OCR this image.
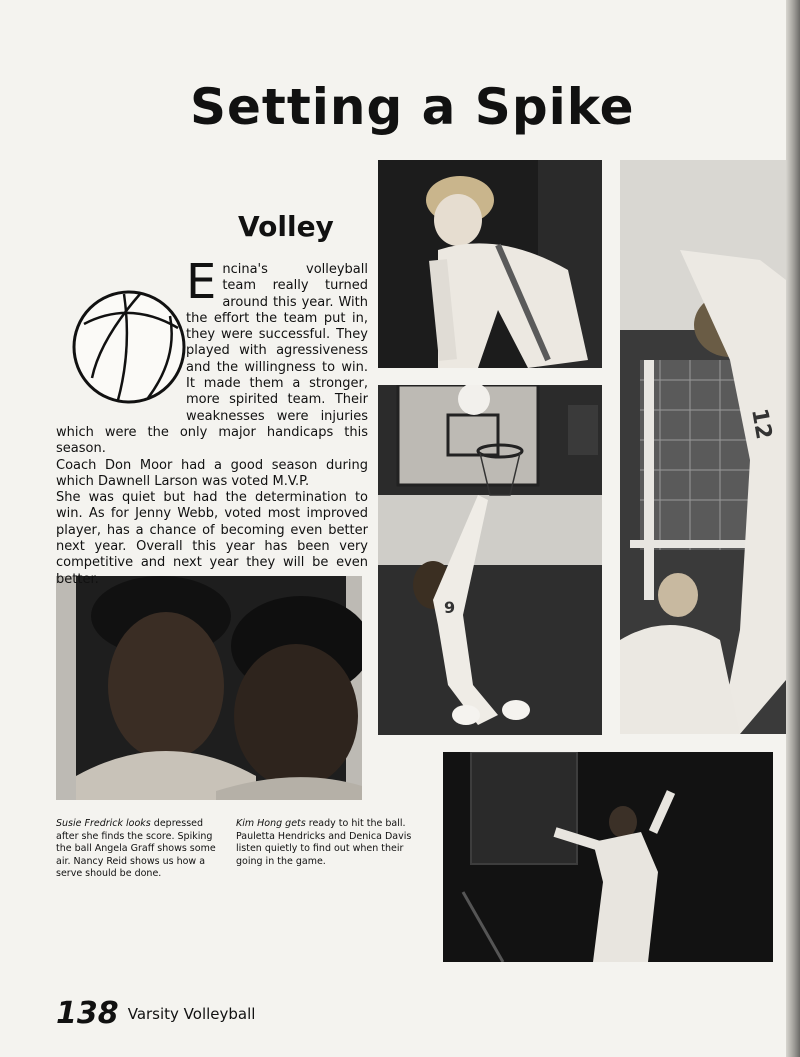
Setting a Spike
12
9
Volley
E ncina's volleyball team really turned around this year. With the effort the team put in, they were successful. They played with agressiveness and the willingness to win. It made them a stronger, more spirited team. Their weaknesses were injuries which were the only major handicaps this season.

Coach Don Moor had a good season during which Dawnell Larson was voted M.V.P.

She was quiet but had the determination to win. As for Jenny Webb, voted most improved player, has a chance of becoming even better next year. Overall this year has been very competitive and next year they will be even better.

Susie Fredrick looks depressed after she finds the score. Spiking the ball Angela Graff shows some air. Nancy Reid shows us how a serve should be done.
Kim Hong gets ready to hit the ball. Pauletta Hendricks and Denica Davis listen quietly to find out when their going in the game.
138 Varsity Volleyball
